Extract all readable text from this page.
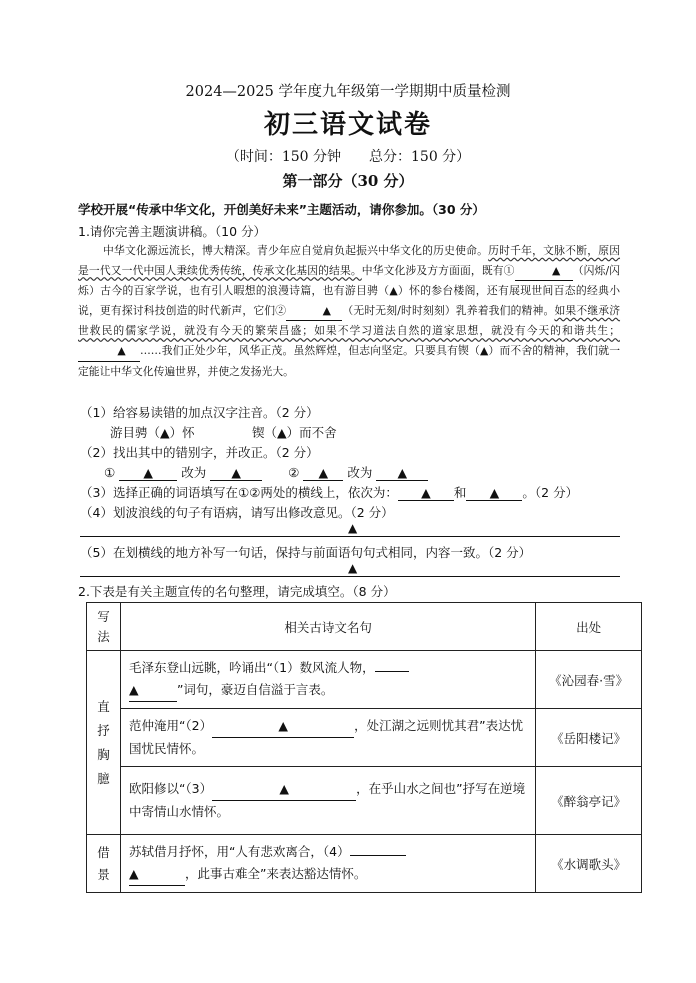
2024—2025 学年度九年级第一学期期中质量检测
初三语文试卷
（时间：150 分钟　　总分：150 分）
第一部分（30 分）
学校开展“传承中华文化，开创美好未来”主题活动，请你参加。（30 分）
1.请你完善主题演讲稿。（10 分）
中华文化源远流长，博大精深。青少年应自觉肩负起振兴中华文化的历史使命。历时千年，文脉不断，原因是一代又一代中国人秉续优秀传统，传承文化基因的结果。中华文化涉及方方面面，既有①	▲ （闪烁/闪烁）古今的百家学说，也有引人暇想的浪漫诗篇，也有游目骋（▲）怀的参台楼阁，还有展现世间百态的经典小说，更有探讨科技创造的时代新声，它们②	▲ （无时无刻/时时刻刻）乳养着我们的精神。如果不继承济世救民的儒家学说，就没有今天的繁荣昌盛；如果不学习道法自然的道家思想，就没有今天的和谐共生；▲ ……我们正处少年，风华正茂。虽然辉煌，但志向坚定。只要具有锲（▲）而不舍的精神，我们就一定能让中华文化传遍世界，并使之发扬光大。
（1）给容易读错的加点汉字注音。（2 分）
游目骋（▲）怀	锲（▲）而不舍
（2）找出其中的错别字，并改正。（2 分）
① ▲ 改为 ▲	② ▲ 改为 ▲
（3）选择正确的词语填写在①②两处的横线上，依次为： ▲ 和 ▲ 。（2 分）
（4）划波浪线的句子有语病，请写出修改意见。（2 分）
▲
（5）在划横线的地方补写一句话，保持与前面语句句式相同，内容一致。（2 分）
▲
2.下表是有关主题宣传的名句整理，请完成填空。（8 分）
写法	相关古诗文名句	出处

直抒胸臆	毛泽东登山远眺，吟诵出“（1）数风流人物，
▲ ”词句，豪迈自信溢于言表。	《沁园春·雪》

	范仲淹用“（2） ▲ ，处江湖之远则忧其君”表达忧国忧民情怀。	《岳阳楼记》

	欧阳修以“（3） ▲ ，在乎山水之间也”抒写在逆境中寄情山水情怀。	《醉翁亭记》

借景	苏轼借月抒怀，用“人有悲欢离合，（4）
▲ ，此事古难全”来表达豁达情怀。	《水调歌头》
